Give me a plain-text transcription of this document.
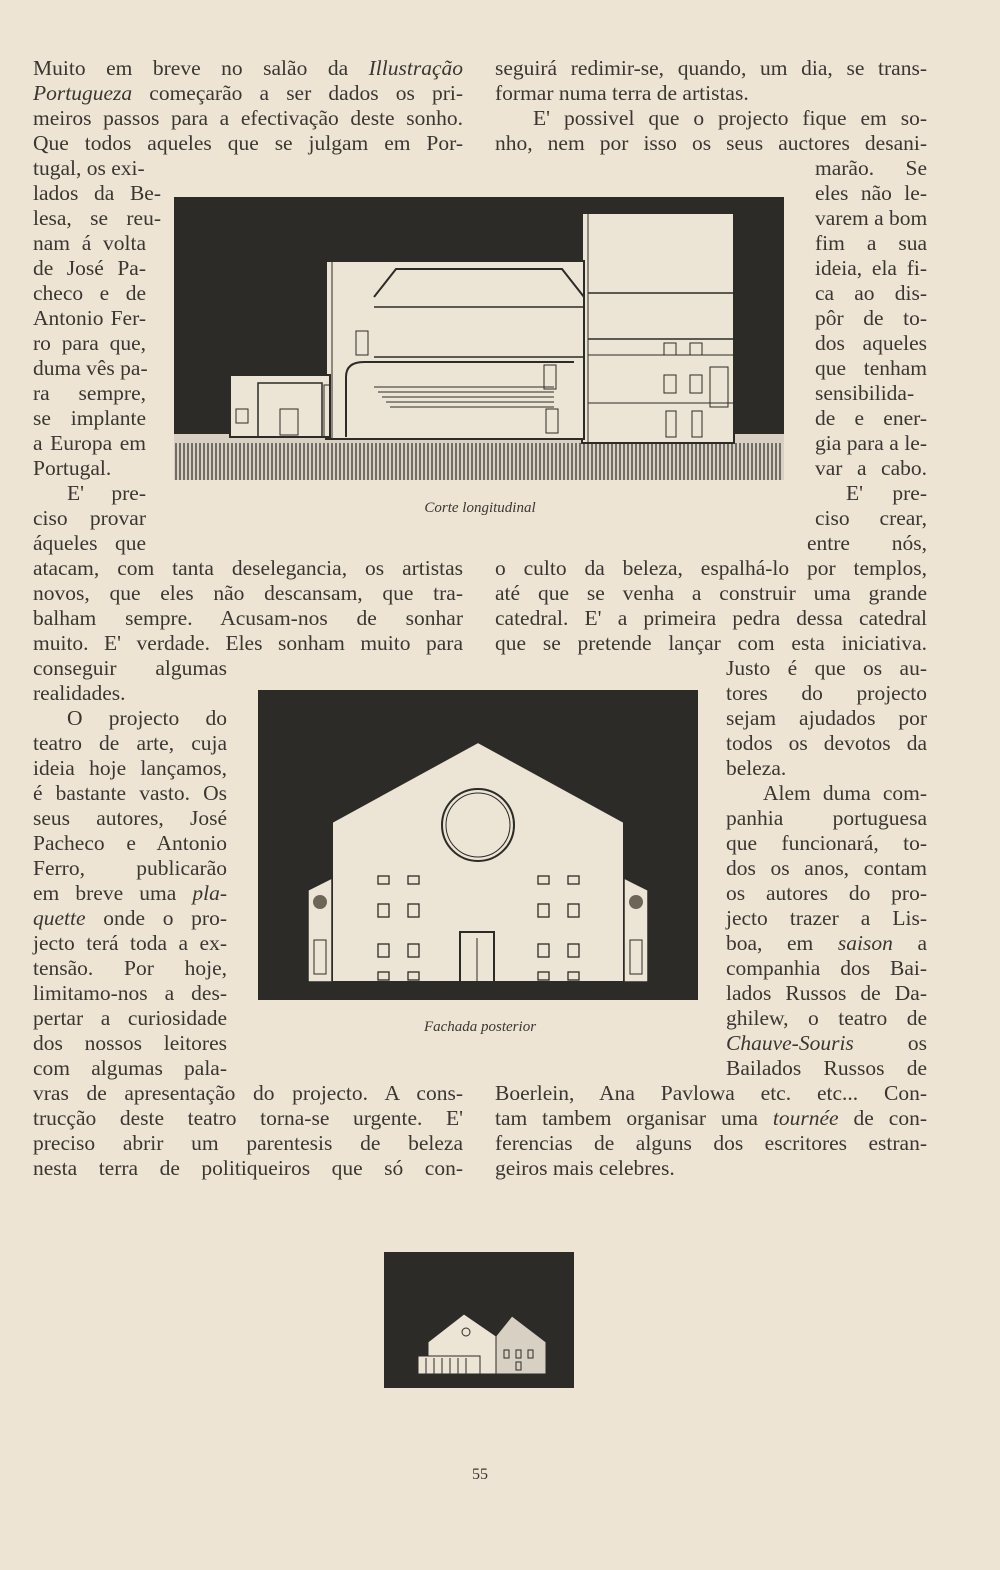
Muito em breve no salão da Illustração
Portugueza começarão a ser dados os pri-
meiros passos para a efectivação deste sonho.
Que todos aqueles que se julgam em Por-
tugal, os exi-
lados da Be-
lesa, se reu-
nam á volta
de José Pa-
checo e de
Antonio Fer-
ro para que,
duma vês pa-
ra sempre,
se implante
a Europa em
Portugal.
E' pre-
ciso provar
áqueles que
atacam, com tanta deselegancia, os artistas
novos, que eles não descansam, que tra-
balham sempre. Acusam-nos de sonhar
muito. E' verdade. Eles sonham muito para
conseguir algumas
realidades.
O projecto do
teatro de arte, cuja
ideia hoje lançamos,
é bastante vasto. Os
seus autores, José
Pacheco e Antonio
Ferro, publicarão
em breve uma pla-
quette onde o pro-
jecto terá toda a ex-
tensão. Por hoje,
limitamo-nos a des-
pertar a curiosidade
dos nossos leitores
com algumas pala-
vras de apresentação do projecto. A cons-
trucção deste teatro torna-se urgente. E'
preciso abrir um parentesis de beleza
nesta terra de politiqueiros que só con-
seguirá redimir-se, quando, um dia, se trans-
formar numa terra de artistas.
E' possivel que o projecto fique em so-
nho, nem por isso os seus auctores desani-
marão. Se
eles não le-
varem a bom
fim a sua
ideia, ela fi-
ca ao dis-
pôr de to-
dos aqueles
que tenham
sensibilida-
de e ener-
gia para a le-
var a cabo.
E' pre-
ciso crear,
entre nós,
o culto da beleza, espalhá-lo por templos,
até que se venha a construir uma grande
catedral. E' a primeira pedra dessa catedral
que se pretende lançar com esta iniciativa.
Justo é que os au-
tores do projecto
sejam ajudados por
todos os devotos da
beleza.
Alem duma com-
panhia portuguesa
que funcionará, to-
dos os anos, contam
os autores do pro-
jecto trazer a Lis-
boa, em saison a
companhia dos Bai-
lados Russos de Da-
ghilew, o teatro de
Chauve-Souris os
Bailados Russos de
Boerlein, Ana Pavlowa etc. etc... Con-
tam tambem organisar uma tournée de con-
ferencias de alguns dos escritores estran-
geiros mais celebres.
Corte longitudinal
Fachada posterior
55
